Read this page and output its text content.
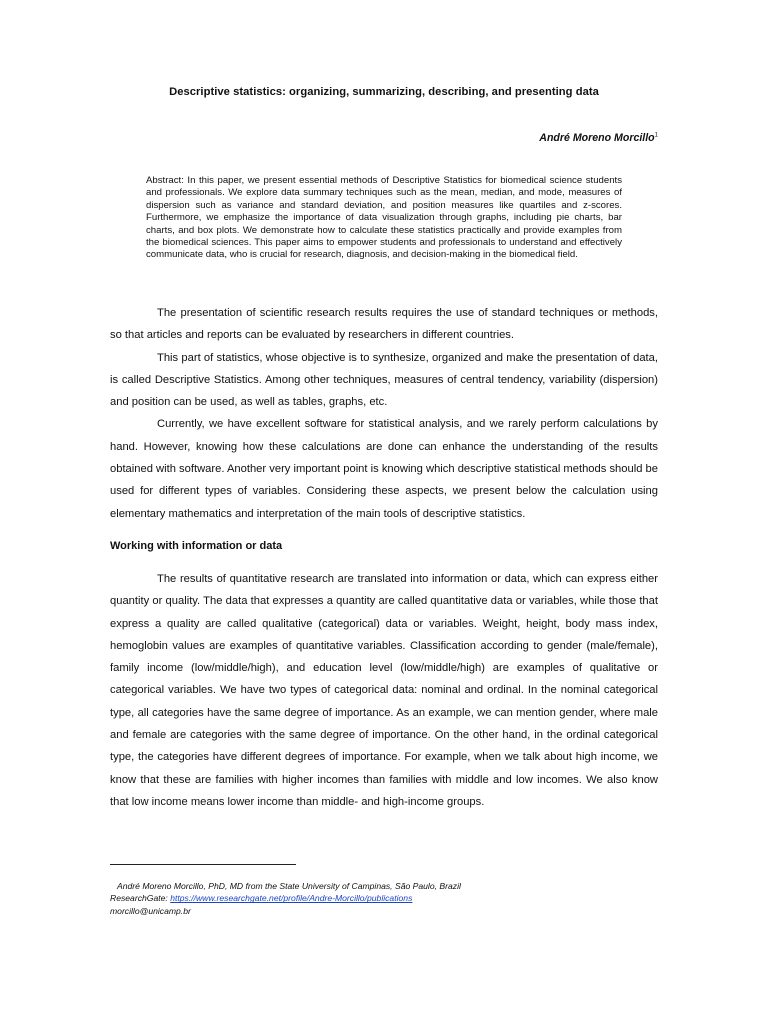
Descriptive statistics: organizing, summarizing, describing, and presenting data
André Moreno Morcillo$^1$
Abstract: In this paper, we present essential methods of Descriptive Statistics for biomedical science students and professionals. We explore data summary techniques such as the mean, median, and mode, measures of dispersion such as variance and standard deviation, and position measures like quartiles and z-scores. Furthermore, we emphasize the importance of data visualization through graphs, including pie charts, bar charts, and box plots. We demonstrate how to calculate these statistics practically and provide examples from the biomedical sciences. This paper aims to empower students and professionals to understand and effectively communicate data, who is crucial for research, diagnosis, and decision-making in the biomedical field.

The presentation of scientific research results requires the use of standard techniques or methods, so that articles and reports can be evaluated by researchers in different countries.

This part of statistics, whose objective is to synthesize, organized and make the presentation of data, is called Descriptive Statistics. Among other techniques, measures of central tendency, variability (dispersion) and position can be used, as well as tables, graphs, etc.

Currently, we have excellent software for statistical analysis, and we rarely perform calculations by hand. However, knowing how these calculations are done can enhance the understanding of the results obtained with software. Another very important point is knowing which descriptive statistical methods should be used for different types of variables. Considering these aspects, we present below the calculation using elementary mathematics and interpretation of the main tools of descriptive statistics.

Working with information or data

The results of quantitative research are translated into information or data, which can express either quantity or quality. The data that expresses a quantity are called quantitative data or variables, while those that express a quality are called qualitative (categorical) data or variables. Weight, height, body mass index, hemoglobin values are examples of quantitative variables. Classification according to gender (male/female), family income (low/middle/high), and education level (low/middle/high) are examples of qualitative or categorical variables. We have two types of categorical data: nominal and ordinal. In the nominal categorical type, all categories have the same degree of importance. As an example, we can mention gender, where male and female are categories with the same degree of importance. On the other hand, in the ordinal categorical type, the categories have different degrees of importance. For example, when we talk about high income, we know that these are families with higher incomes than families with middle and low incomes. We also know that low income means lower income than middle- and high-income groups.

André Moreno Morcillo, PhD, MD from the State University of Campinas, São Paulo, Brazil
ResearchGate: https://www.researchgate.net/profile/Andre-Morcillo/publications
morcillo@unicamp.br
